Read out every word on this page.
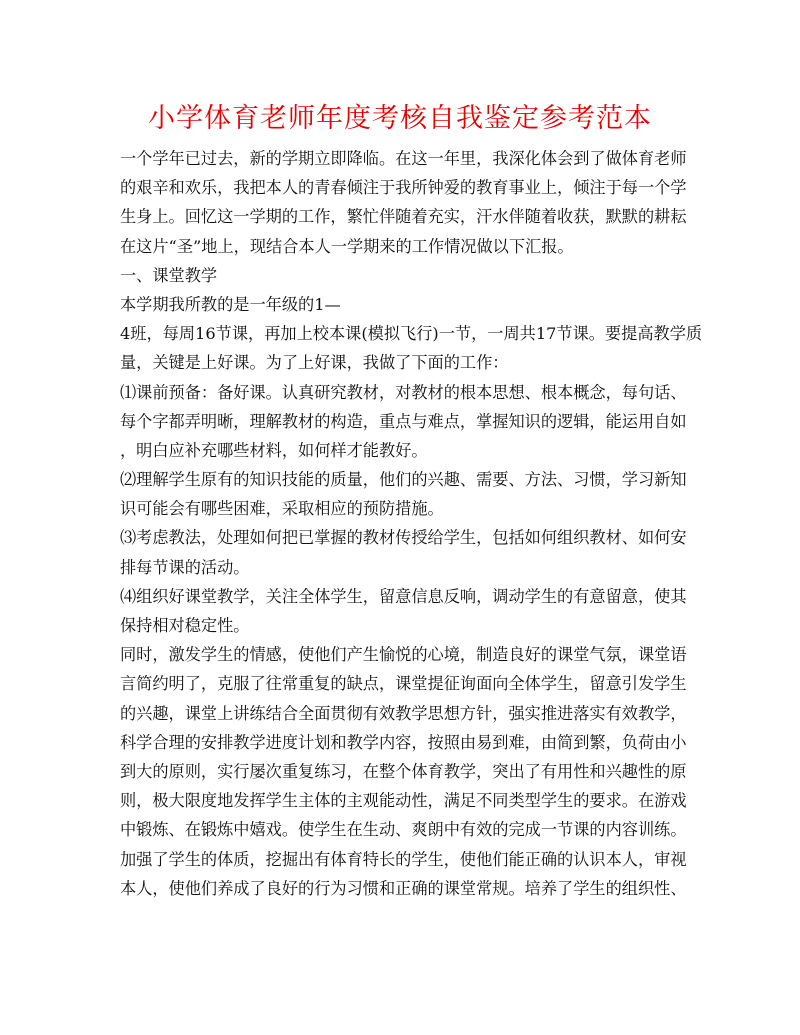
小学体育老师年度考核自我鉴定参考范本
一个学年已过去，新的学期立即降临。在这一年里，我深化体会到了做体育老师
的艰辛和欢乐，我把本人的青春倾注于我所钟爱的教育事业上，倾注于每一个学
生身上。回忆这一学期的工作，繁忙伴随着充实，汗水伴随着收获，默默的耕耘
在这片“圣”地上，现结合本人一学期来的工作情况做以下汇报。
一、课堂教学
本学期我所教的是一年级的1—
4班，每周16节课，再加上校本课(模拟飞行)一节，一周共17节课。要提高教学质
量，关键是上好课。为了上好课，我做了下面的工作：
⑴课前预备：备好课。认真研究教材，对教材的根本思想、根本概念，每句话、
每个字都弄明晰，理解教材的构造，重点与难点，掌握知识的逻辑，能运用自如
，明白应补充哪些材料，如何样才能教好。
⑵理解学生原有的知识技能的质量，他们的兴趣、需要、方法、习惯，学习新知
识可能会有哪些困难，采取相应的预防措施。
⑶考虑教法，处理如何把已掌握的教材传授给学生，包括如何组织教材、如何安
排每节课的活动。
⑷组织好课堂教学，关注全体学生，留意信息反响，调动学生的有意留意，使其
保持相对稳定性。
同时，激发学生的情感，使他们产生愉悦的心境，制造良好的课堂气氛，课堂语
言简约明了，克服了往常重复的缺点，课堂提征询面向全体学生，留意引发学生
的兴趣，课堂上讲练结合全面贯彻有效教学思想方针，强实推进落实有效教学，
科学合理的安排教学进度计划和教学内容，按照由易到难，由简到繁，负荷由小
到大的原则，实行屡次重复练习，在整个体育教学，突出了有用性和兴趣性的原
则，极大限度地发挥学生主体的主观能动性，满足不同类型学生的要求。在游戏
中锻炼、在锻炼中嬉戏。使学生在生动、爽朗中有效的完成一节课的内容训练。
加强了学生的体质，挖掘出有体育特长的学生，使他们能正确的认识本人，审视
本人，使他们养成了良好的行为习惯和正确的课堂常规。培养了学生的组织性、
